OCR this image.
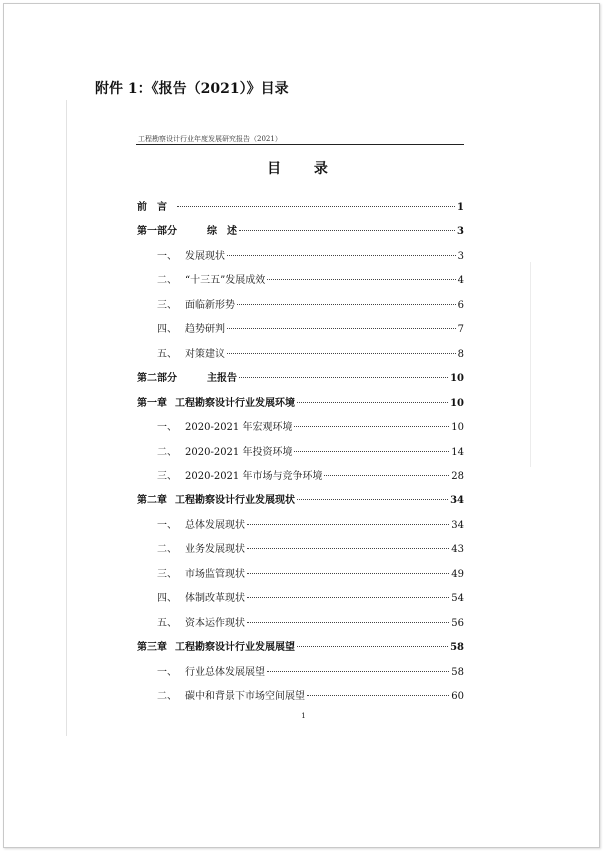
附件 1：《报告（2021）》目录
工程勘察设计行业年度发展研究报告（2021）
目 录
前　言	1
第一部分	综　述	3
一、 发展现状	3
二、 “十三五”发展成效	4
三、 面临新形势	6
四、 趋势研判	7
五、 对策建议	8
第二部分	主报告	10
第一章 工程勘察设计行业发展环境	10
一、 2020-2021 年宏观环境	10
二、 2020-2021 年投资环境	14
三、 2020-2021 年市场与竞争环境	28
第二章 工程勘察设计行业发展现状	34
一、 总体发展现状	34
二、 业务发展现状	43
三、 市场监管现状	49
四、 体制改革现状	54
五、 资本运作现状	56
第三章 工程勘察设计行业发展展望	58
一、 行业总体发展展望	58
二、 碳中和背景下市场空间展望	60
1
